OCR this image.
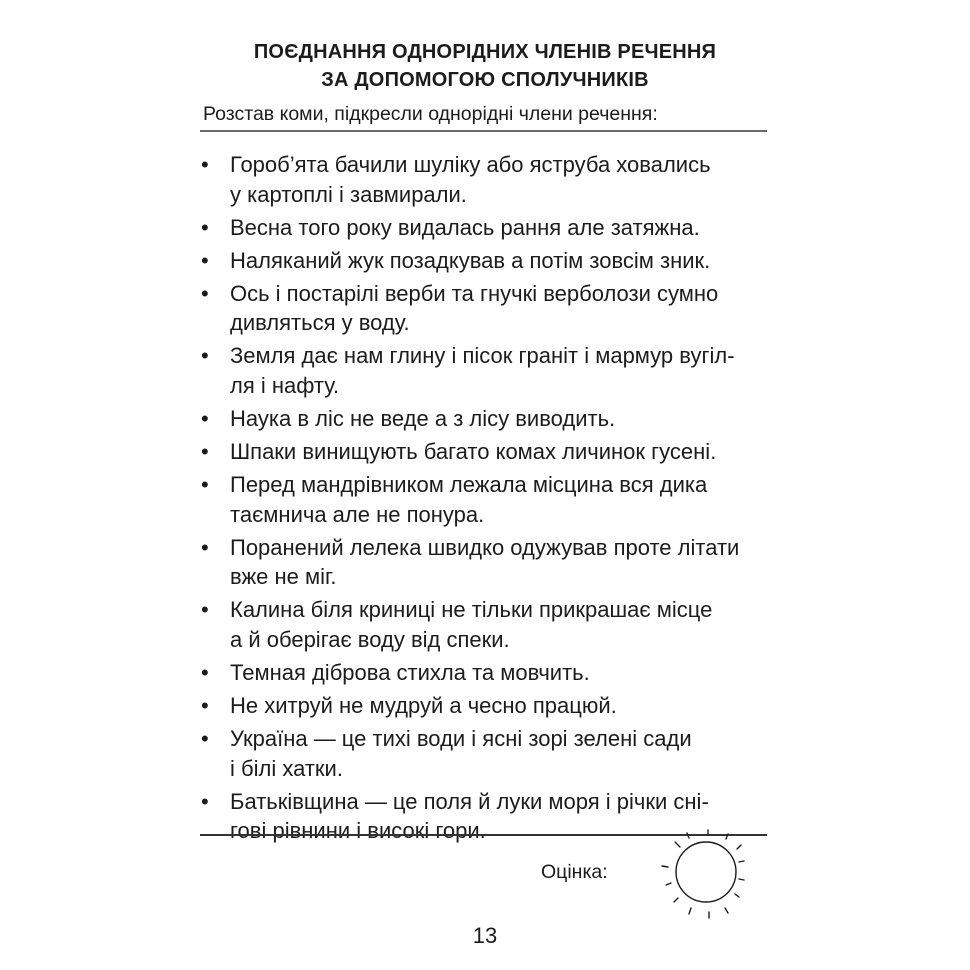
ПОЄДНАННЯ ОДНОРІДНИХ ЧЛЕНІВ РЕЧЕННЯ
ЗА ДОПОМОГОЮ СПОЛУЧНИКІВ
Розстав коми, підкресли однорідні члени речення:
• Гороб’ята бачили шуліку або яструба ховались
у картоплі і завмирали.
• Весна того року видалась рання але затяжна.
• Наляканий жук позадкував а потім зовсім зник.
• Ось і постарілі верби та гнучкі верболози сумно
дивляться у воду.
• Земля дає нам глину і пісок граніт і мармур вугіл-
ля і нафту.
• Наука в ліс не веде а з лісу виводить.
• Шпаки винищують багато комах личинок гусені.
• Перед мандрівником лежала місцина вся дика
таємнича але не понура.
• Поранений лелека швидко одужував проте літати
вже не міг.
• Калина біля криниці не тільки прикрашає місце
а й оберігає воду від спеки.
• Темная діброва стихла та мовчить.
• Не хитруй не мудруй а чесно працюй.
• Україна — це тихі води і ясні зорі зелені сади
і білі хатки.
• Батьківщина — це поля й луки моря і річки сні-
гові рівнини і високі гори.
Оцінка:
13
